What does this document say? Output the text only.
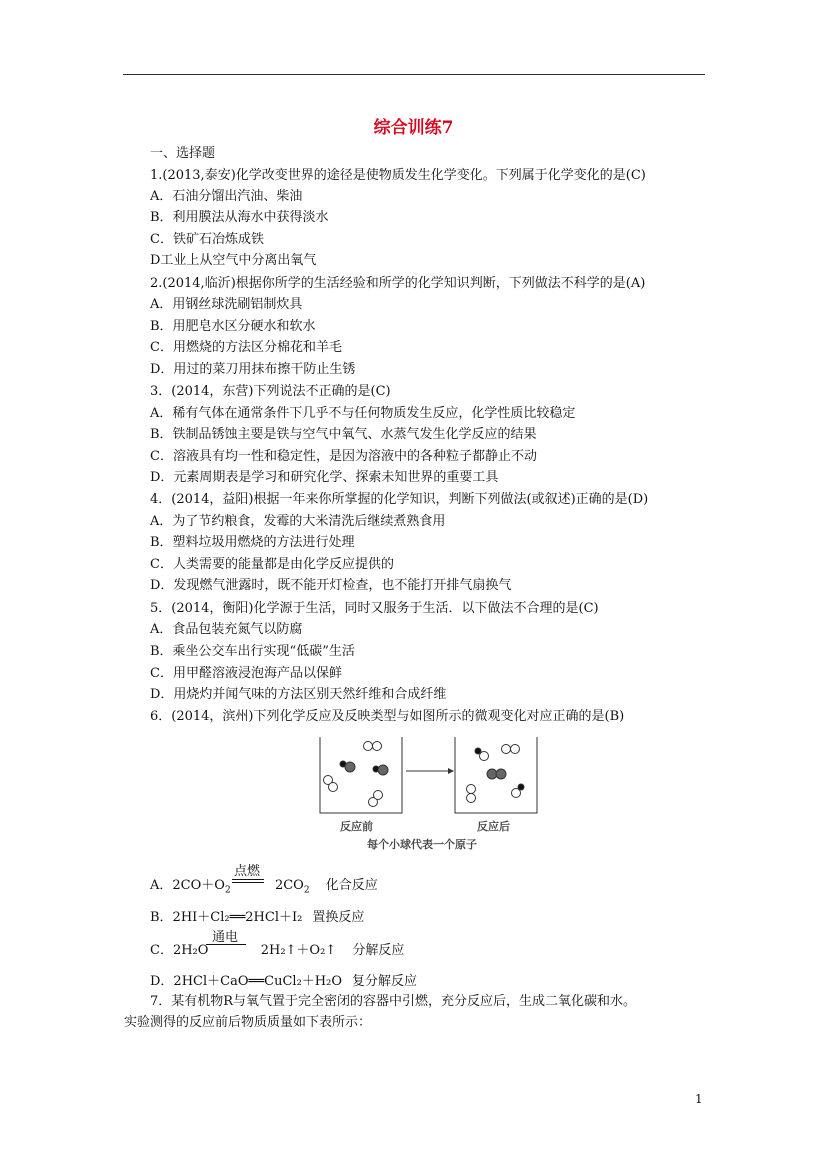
综合训练7
一、选择题
1.(2013,泰安)化学改变世界的途径是使物质发生化学变化。下列属于化学变化的是(C)
A．石油分馏出汽油、柴油
B．利用膜法从海水中获得淡水
C．铁矿石冶炼成铁
D工业上从空气中分离出氧气
2.(2014,临沂)根据你所学的生活经验和所学的化学知识判断，下列做法不科学的是(A)
A．用钢丝球洗刷铝制炊具
B．用肥皂水区分硬水和软水
C．用燃烧的方法区分棉花和羊毛
D．用过的菜刀用抹布擦干防止生锈
3．(2014，东营)下列说法不正确的是(C)
A．稀有气体在通常条件下几乎不与任何物质发生反应，化学性质比较稳定
B．铁制品锈蚀主要是铁与空气中氧气、水蒸气发生化学反应的结果
C．溶液具有均一性和稳定性，是因为溶液中的各种粒子都静止不动
D．元素周期表是学习和研究化学、探索未知世界的重要工具
4．(2014，益阳)根据一年来你所掌握的化学知识，判断下列做法(或叙述)正确的是(D)
A．为了节约粮食，发霉的大米清洗后继续煮熟食用
B．塑料垃圾用燃烧的方法进行处理
C．人类需要的能量都是由化学反应提供的
D．发现燃气泄露时，既不能开灯检查，也不能打开排气扇换气
5．(2014，衡阳)化学源于生活，同时又服务于生活．以下做法不合理的是(C)
A．食品包装充氮气以防腐
B．乘坐公交车出行实现“低碳”生活
C．用甲醛溶液浸泡海产品以保鲜
D．用烧灼并闻气味的方法区别天然纤维和合成纤维
6．(2014，滨州)下列化学反应及反映类型与如图所示的微观变化对应正确的是(B)
反应前	反应后
每个小球代表一个原子
A．$2CO+O_2$	$2CO_2$ 化合反应
点燃
B．2HI＋Cl₂══2HCl＋I₂ 置换反应
C．2H₂O	2H₂↑＋O₂↑ 分解反应
通电
D．2HCl＋CaO══CuCl₂＋H₂O 复分解反应
7．某有机物R与氧气置于完全密闭的容器中引燃，充分反应后，生成二氧化碳和水。
实验测得的反应前后物质质量如下表所示：
1
